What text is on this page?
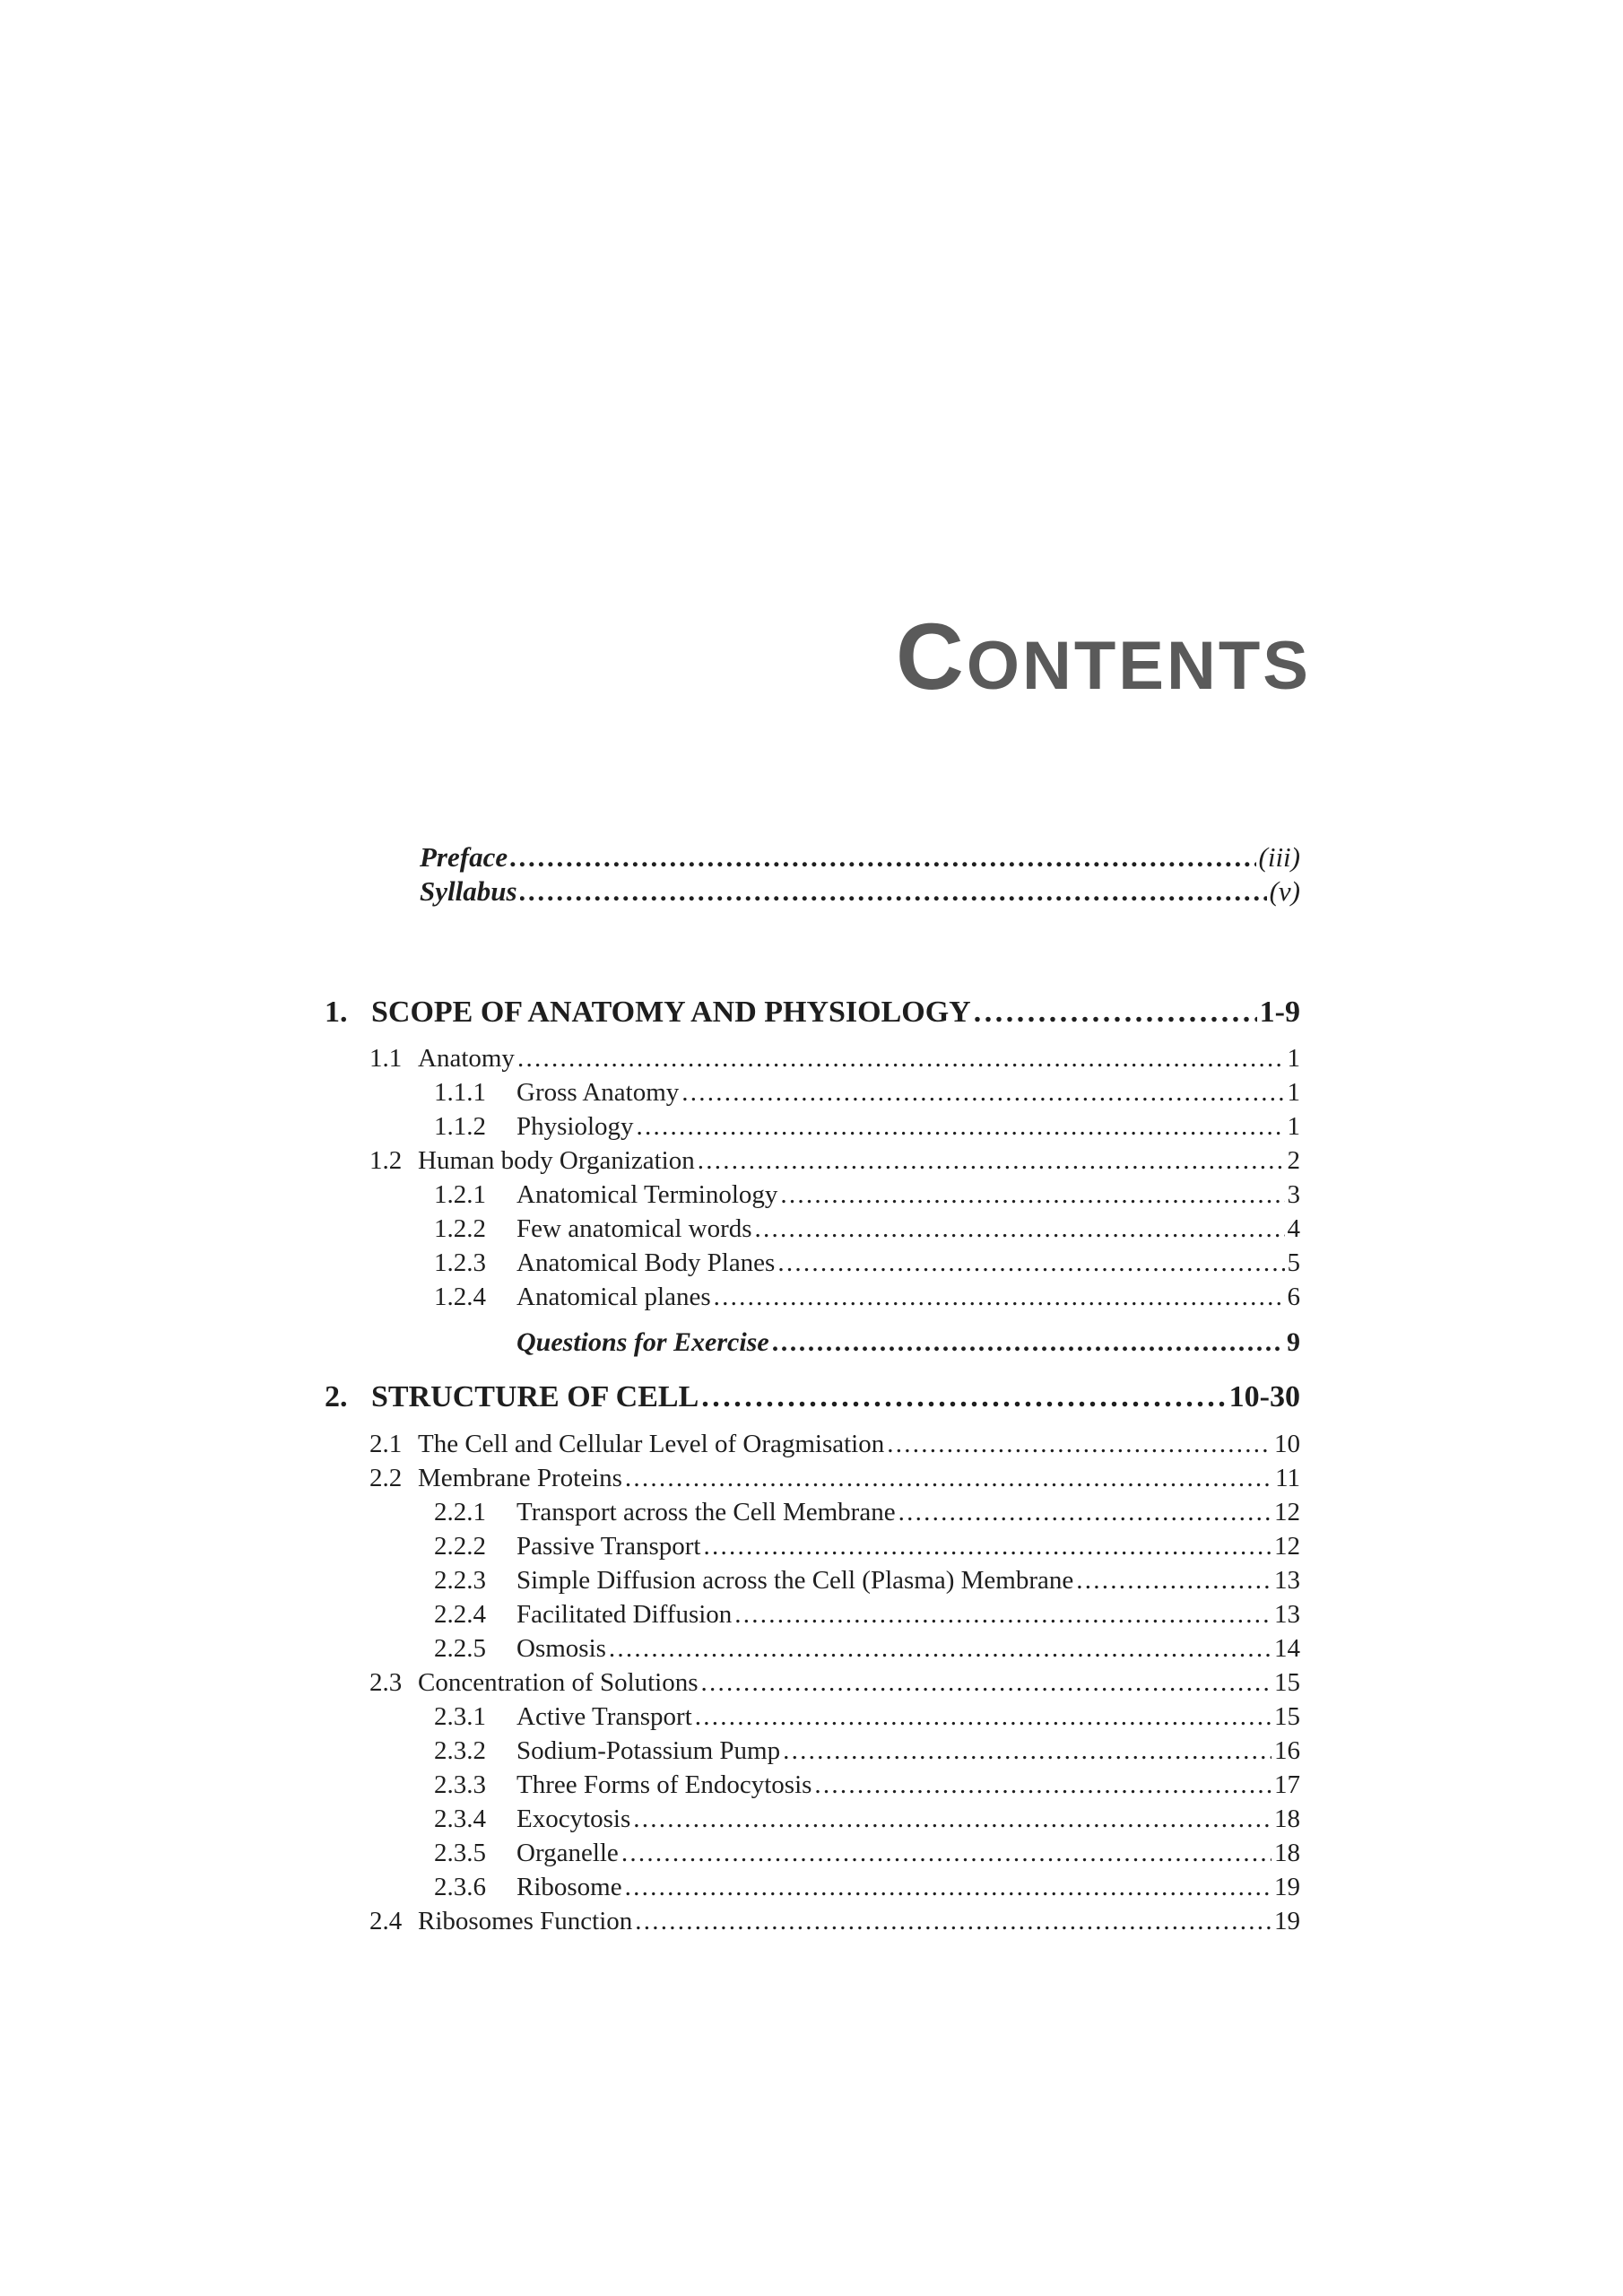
CONTENTS
Preface . . .	(iii)
Syllabus . . .	(v)
1. SCOPE OF ANATOMY AND PHYSIOLOGY . . .	1-9
1.1 Anatomy . . .	1
1.1.1	Gross Anatomy . . .	1
1.1.2	Physiology . . .	1
1.2 Human body Organization . . .	2
1.2.1	Anatomical Terminology . . .	3
1.2.2	Few anatomical words . . .	4
1.2.3	Anatomical Body Planes . . .	5
1.2.4	Anatomical planes . . .	6
Questions for Exercise . . .	9
2. STRUCTURE OF CELL . . .	10-30
2.1 The Cell and Cellular Level of Oragmisation . . .	10
2.2 Membrane Proteins . . .	11
2.2.1	Transport across the Cell Membrane . . .	12
2.2.2	Passive Transport . . .	12
2.2.3	Simple Diffusion across the Cell (Plasma) Membrane . . .	13
2.2.4	Facilitated Diffusion . . .	13
2.2.5	Osmosis . . .	14
2.3 Concentration of Solutions . . .	15
2.3.1	Active Transport . . .	15
2.3.2	Sodium-Potassium Pump . . .	16
2.3.3	Three Forms of Endocytosis . . .	17
2.3.4	Exocytosis . . .	18
2.3.5	Organelle . . .	18
2.3.6	Ribosome . . .	19
2.4 Ribosomes Function . . .	19
